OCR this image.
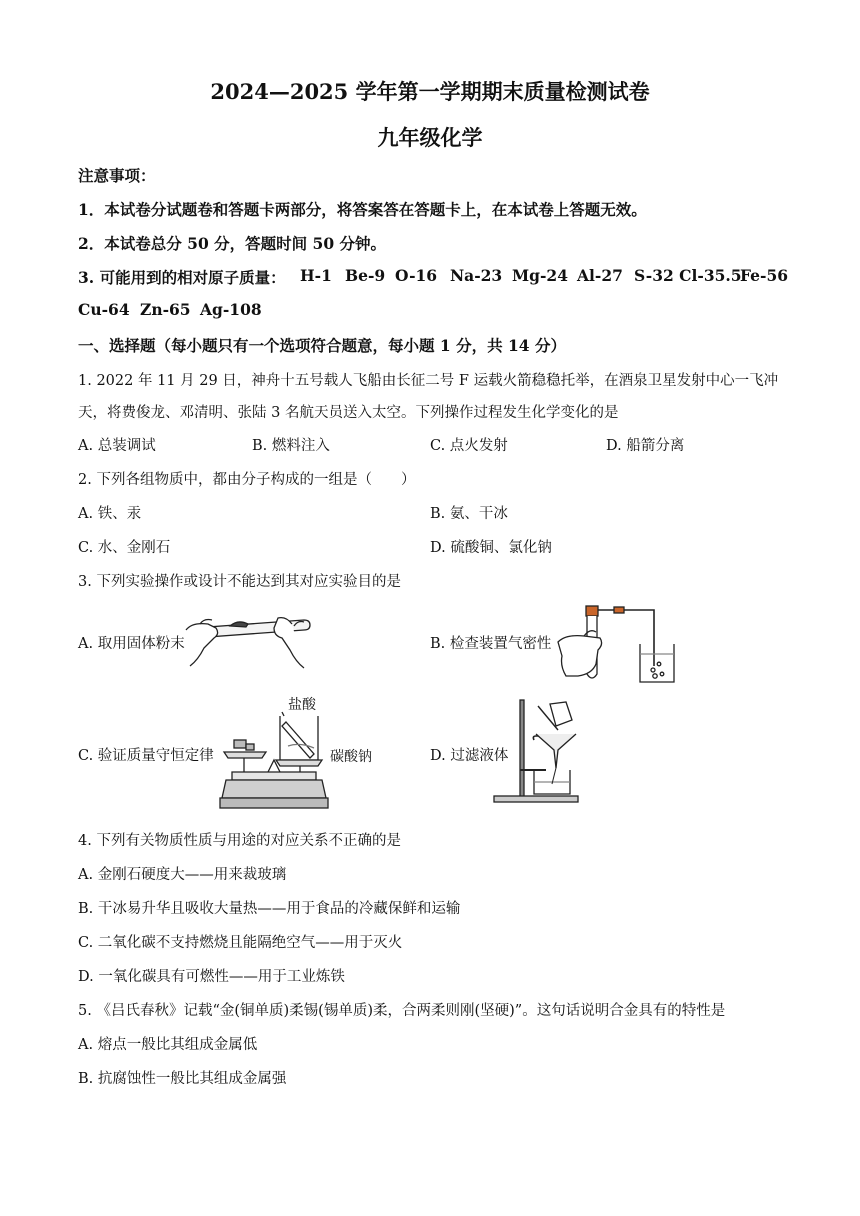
2024—2025 学年第一学期期末质量检测试卷
九年级化学
注意事项：
1．本试卷分试题卷和答题卡两部分，将答案答在答题卡上，在本试卷上答题无效。
2．本试卷总分 50 分，答题时间 50 分钟。
3. 可能用到的相对原子质量： H-1 Be-9 O-16 Na-23 Mg-24 Al-27 S-32 Cl-35.5
Fe-56
Cu-64 Zn-65 Ag-108
一、选择题（每小题只有一个选项符合题意，每小题 1 分，共 14 分）
1. 2022 年 11 月 29 日，神舟十五号载人飞船由长征二号 F 运载火箭稳稳托举，在酒泉卫星发射中心一飞冲
天，将费俊龙、邓清明、张陆 3 名航天员送入太空。下列操作过程发生化学变化的是
A. 总装调试	B. 燃料注入	C. 点火发射	D. 船箭分离
2. 下列各组物质中，都由分子构成的一组是（　　）
A. 铁、汞	B. 氨、干冰
C. 水、金刚石	D. 硫酸铜、氯化钠
3. 下列实验操作或设计不能达到其对应实验目的是
A. 取用固体粉末	B. 检查装置气密性
C. 验证质量守恒定律	D. 过滤液体
盐酸
碳酸钠
4. 下列有关物质性质与用途的对应关系不正确的是
A. 金刚石硬度大——用来裁玻璃
B. 干冰易升华且吸收大量热——用于食品的冷藏保鲜和运输
C. 二氧化碳不支持燃烧且能隔绝空气——用于灭火
D. 一氧化碳具有可燃性——用于工业炼铁
5. 《吕氏春秋》记载“金(铜单质)柔锡(锡单质)柔，合两柔则刚(坚硬)”。这句话说明合金具有的特性是
A. 熔点一般比其组成金属低
B. 抗腐蚀性一般比其组成金属强
